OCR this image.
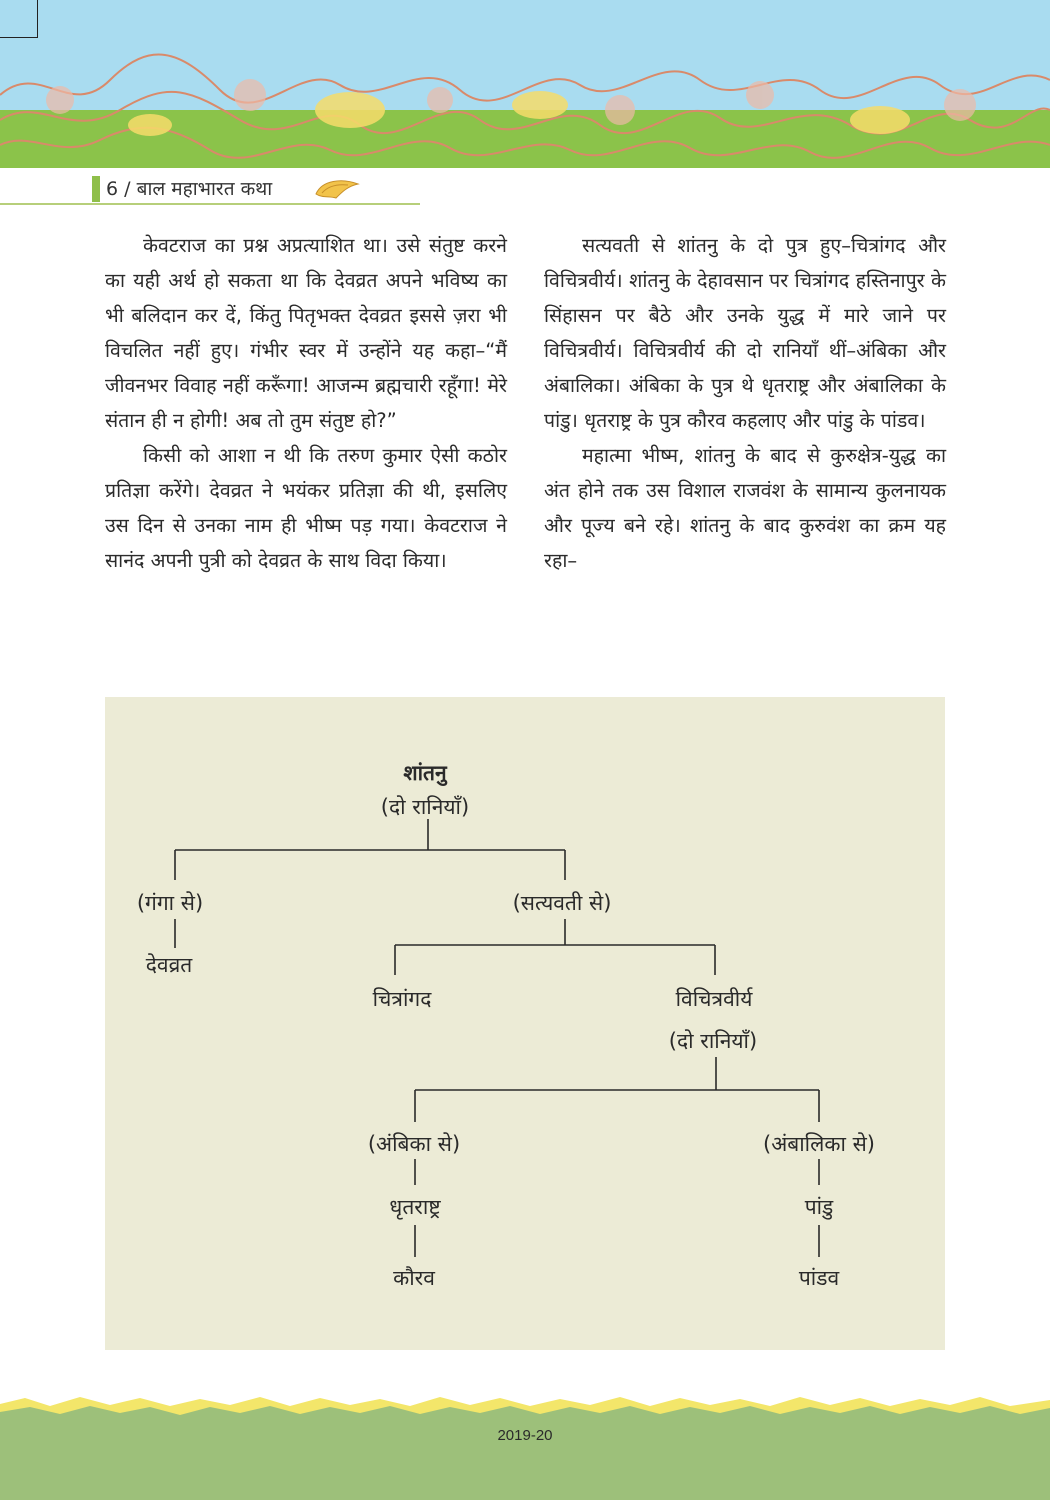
6 / बाल महाभारत कथा

केवटराज का प्रश्न अप्रत्याशित था। उसे संतुष्ट करने का यही अर्थ हो सकता था कि देवव्रत अपने भविष्य का भी बलिदान कर दें, किंतु पितृभक्त देवव्रत इससे ज़रा भी विचलित नहीं हुए। गंभीर स्वर में उन्होंने यह कहा–“मैं जीवनभर विवाह नहीं करूँगा! आजन्म ब्रह्मचारी रहूँगा! मेरे संतान ही न होगी! अब तो तुम संतुष्ट हो?”

किसी को आशा न थी कि तरुण कुमार ऐसी कठोर प्रतिज्ञा करेंगे। देवव्रत ने भयंकर प्रतिज्ञा की थी, इसलिए उस दिन से उनका नाम ही भीष्म पड़ गया। केवटराज ने सानंद अपनी पुत्री को देवव्रत के साथ विदा किया।

सत्यवती से शांतनु के दो पुत्र हुए–चित्रांगद और विचित्रवीर्य। शांतनु के देहावसान पर चित्रांगद हस्तिनापुर के सिंहासन पर बैठे और उनके युद्ध में मारे जाने पर विचित्रवीर्य। विचित्रवीर्य की दो रानियाँ थीं–अंबिका और अंबालिका। अंबिका के पुत्र थे धृतराष्ट्र और अंबालिका के पांडु। धृतराष्ट्र के पुत्र कौरव कहलाए और पांडु के पांडव।

महात्मा भीष्म, शांतनु के बाद से कुरुक्षेत्र-युद्ध का अंत होने तक उस विशाल राजवंश के सामान्य कुलनायक और पूज्य बने रहे। शांतनु के बाद कुरुवंश का क्रम यह रहा–

शांतनु
(दो रानियाँ)
(गंगा से)
देवव्रत
(सत्यवती से)
चित्रांगद	विचित्रवीर्य
(दो रानियाँ)
(अंबिका से)
धृतराष्ट्र
कौरव
(अंबालिका से)
पांडु
पांडव
2019-20
